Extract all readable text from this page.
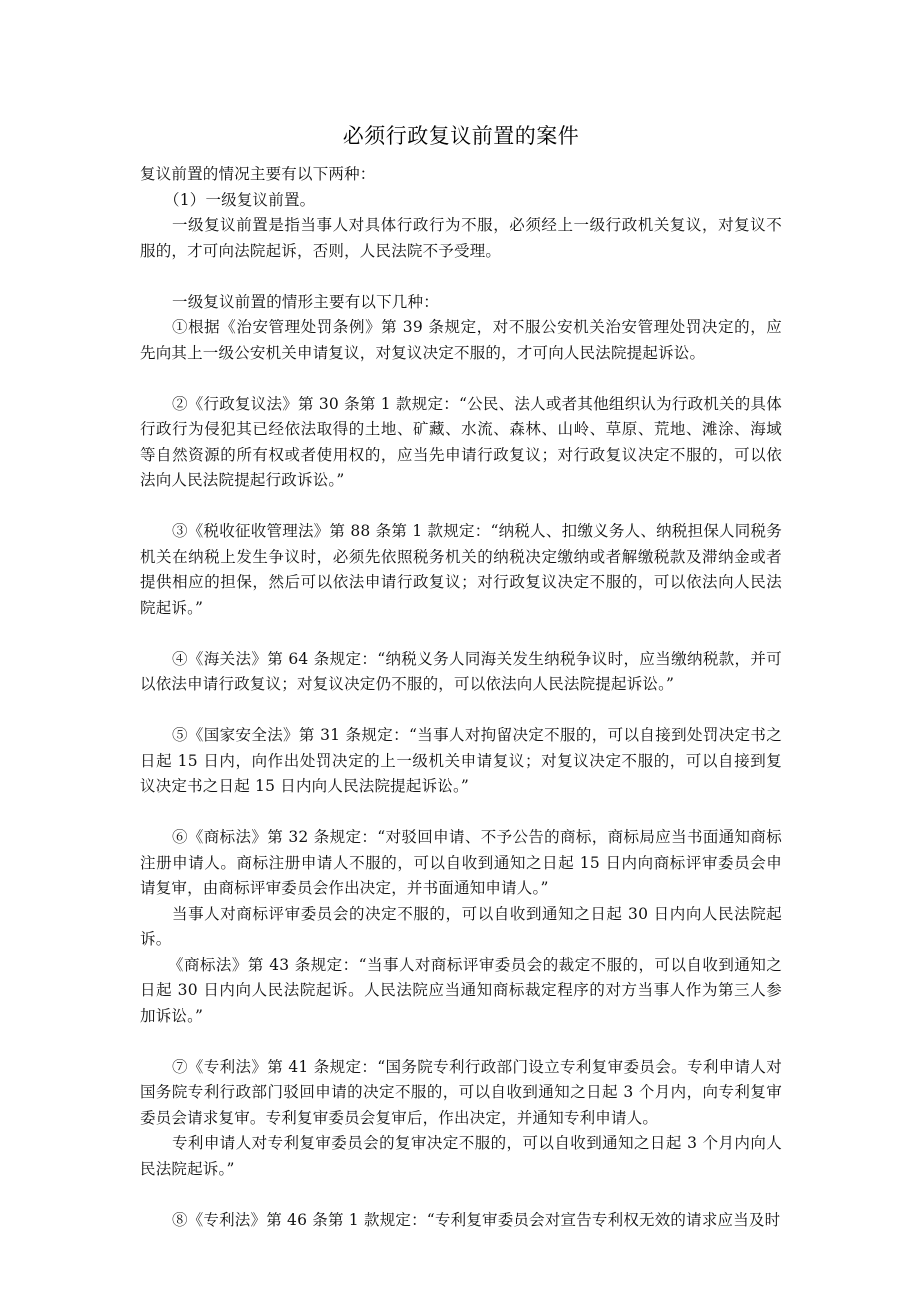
必须行政复议前置的案件

复议前置的情况主要有以下两种：

（1）一级复议前置。

一级复议前置是指当事人对具体行政行为不服，必须经上一级行政机关复议，对复议不服的，才可向法院起诉，否则，人民法院不予受理。

一级复议前置的情形主要有以下几种：

①根据《治安管理处罚条例》第 39 条规定，对不服公安机关治安管理处罚决定的，应先向其上一级公安机关申请复议，对复议决定不服的，才可向人民法院提起诉讼。

②《行政复议法》第 30 条第 1 款规定：“公民、法人或者其他组织认为行政机关的具体行政行为侵犯其已经依法取得的土地、矿藏、水流、森林、山岭、草原、荒地、滩涂、海域等自然资源的所有权或者使用权的，应当先申请行政复议；对行政复议决定不服的，可以依法向人民法院提起行政诉讼。”

③《税收征收管理法》第 88 条第 1 款规定：“纳税人、扣缴义务人、纳税担保人同税务机关在纳税上发生争议时，必须先依照税务机关的纳税决定缴纳或者解缴税款及滞纳金或者提供相应的担保，然后可以依法申请行政复议；对行政复议决定不服的，可以依法向人民法院起诉。”

④《海关法》第 64 条规定：“纳税义务人同海关发生纳税争议时，应当缴纳税款，并可以依法申请行政复议；对复议决定仍不服的，可以依法向人民法院提起诉讼。”

⑤《国家安全法》第 31 条规定：“当事人对拘留决定不服的，可以自接到处罚决定书之日起 15 日内，向作出处罚决定的上一级机关申请复议；对复议决定不服的，可以自接到复议决定书之日起 15 日内向人民法院提起诉讼。”

⑥《商标法》第 32 条规定：“对驳回申请、不予公告的商标，商标局应当书面通知商标注册申请人。商标注册申请人不服的，可以自收到通知之日起 15 日内向商标评审委员会申请复审，由商标评审委员会作出决定，并书面通知申请人。”

当事人对商标评审委员会的决定不服的，可以自收到通知之日起 30 日内向人民法院起诉。

《商标法》第 43 条规定：“当事人对商标评审委员会的裁定不服的，可以自收到通知之日起 30 日内向人民法院起诉。人民法院应当通知商标裁定程序的对方当事人作为第三人参加诉讼。”

⑦《专利法》第 41 条规定：“国务院专利行政部门设立专利复审委员会。专利申请人对国务院专利行政部门驳回申请的决定不服的，可以自收到通知之日起 3 个月内，向专利复审委员会请求复审。专利复审委员会复审后，作出决定，并通知专利申请人。

专利申请人对专利复审委员会的复审决定不服的，可以自收到通知之日起 3 个月内向人民法院起诉。”

⑧《专利法》第 46 条第 1 款规定：“专利复审委员会对宣告专利权无效的请求应当及时
